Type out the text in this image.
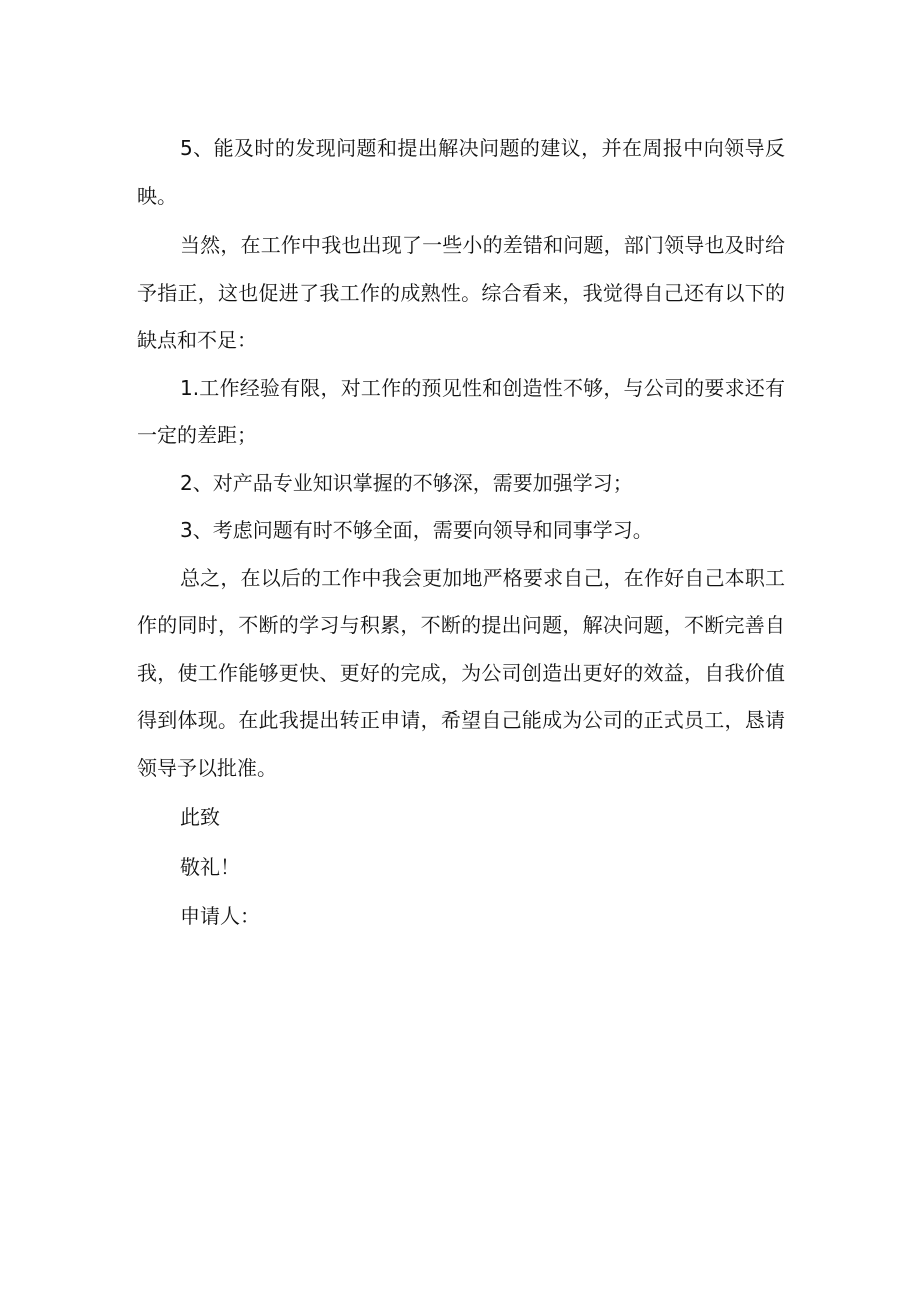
5、能及时的发现问题和提出解决问题的建议，并在周报中向领导反映。

当然，在工作中我也出现了一些小的差错和问题，部门领导也及时给予指正，这也促进了我工作的成熟性。综合看来，我觉得自己还有以下的缺点和不足：

1.工作经验有限，对工作的预见性和创造性不够，与公司的要求还有一定的差距；

2、对产品专业知识掌握的不够深，需要加强学习；

3、考虑问题有时不够全面，需要向领导和同事学习。

总之，在以后的工作中我会更加地严格要求自己，在作好自己本职工作的同时，不断的学习与积累，不断的提出问题，解决问题，不断完善自我，使工作能够更快、更好的完成，为公司创造出更好的效益，自我价值得到体现。在此我提出转正申请，希望自己能成为公司的正式员工，恳请领导予以批准。

此致

敬礼！

申请人：
